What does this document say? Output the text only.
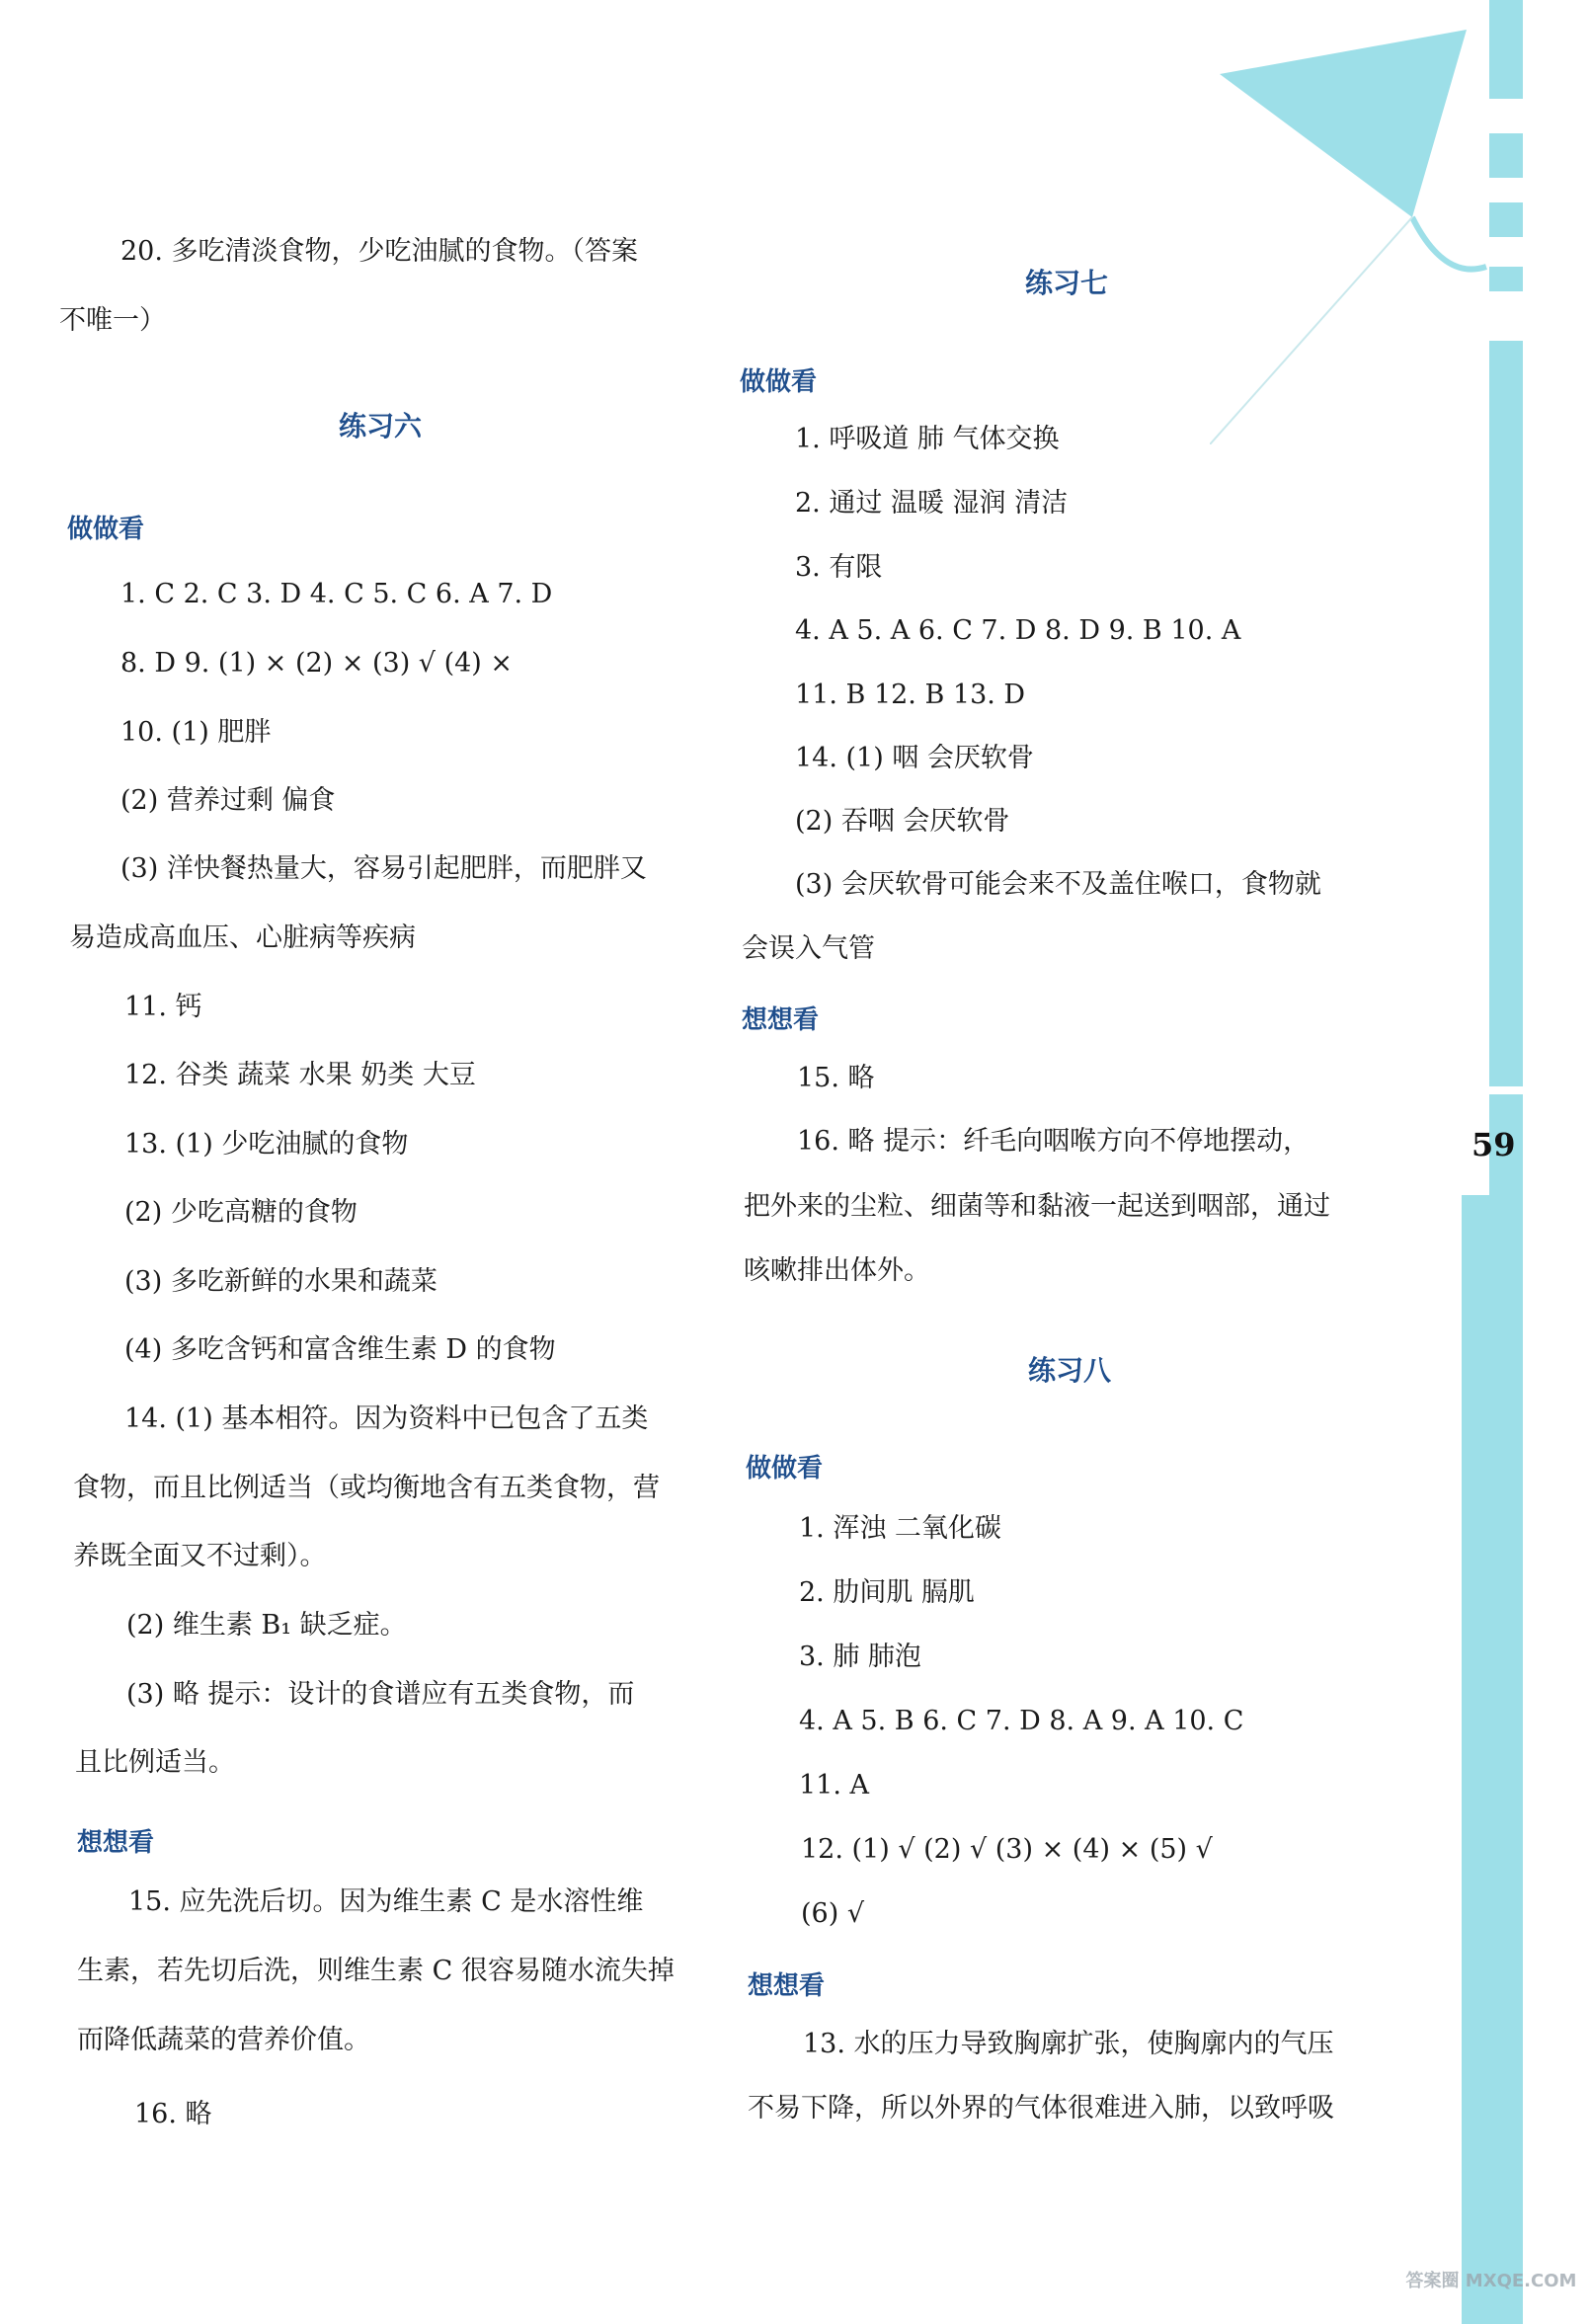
59
20. 多吃清淡食物，少吃油腻的食物。（答案
不唯一）
练习六
做做看
1. C 2. C 3. D 4. C 5. C 6. A 7. D
8. D 9. (1) × (2) × (3) √ (4) ×
10. (1) 肥胖
(2) 营养过剩 偏食
(3) 洋快餐热量大，容易引起肥胖，而肥胖又
易造成高血压、心脏病等疾病
11. 钙
12. 谷类 蔬菜 水果 奶类 大豆
13. (1) 少吃油腻的食物
(2) 少吃高糖的食物
(3) 多吃新鲜的水果和蔬菜
(4) 多吃含钙和富含维生素 D 的食物
14. (1) 基本相符。因为资料中已包含了五类
食物，而且比例适当（或均衡地含有五类食物，营
养既全面又不过剩）。
(2) 维生素 B₁ 缺乏症。
(3) 略 提示：设计的食谱应有五类食物，而
且比例适当。
想想看
15. 应先洗后切。因为维生素 C 是水溶性维
生素，若先切后洗，则维生素 C 很容易随水流失掉
而降低蔬菜的营养价值。
16. 略
练习七
做做看
1. 呼吸道 肺 气体交换
2. 通过 温暖 湿润 清洁
3. 有限
4. A 5. A 6. C 7. D 8. D 9. B 10. A
11. B 12. B 13. D
14. (1) 咽 会厌软骨
(2) 吞咽 会厌软骨
(3) 会厌软骨可能会来不及盖住喉口，食物就
会误入气管
想想看
15. 略
16. 略 提示：纤毛向咽喉方向不停地摆动，
把外来的尘粒、细菌等和黏液一起送到咽部，通过
咳嗽排出体外。
练习八
做做看
1. 浑浊 二氧化碳
2. 肋间肌 膈肌
3. 肺 肺泡
4. A 5. B 6. C 7. D 8. A 9. A 10. C
11. A
12. (1) √ (2) √ (3) × (4) × (5) √
(6) √
想想看
13. 水的压力导致胸廓扩张，使胸廓内的气压
不易下降，所以外界的气体很难进入肺，以致呼吸
答案圈 MXQE.COM
